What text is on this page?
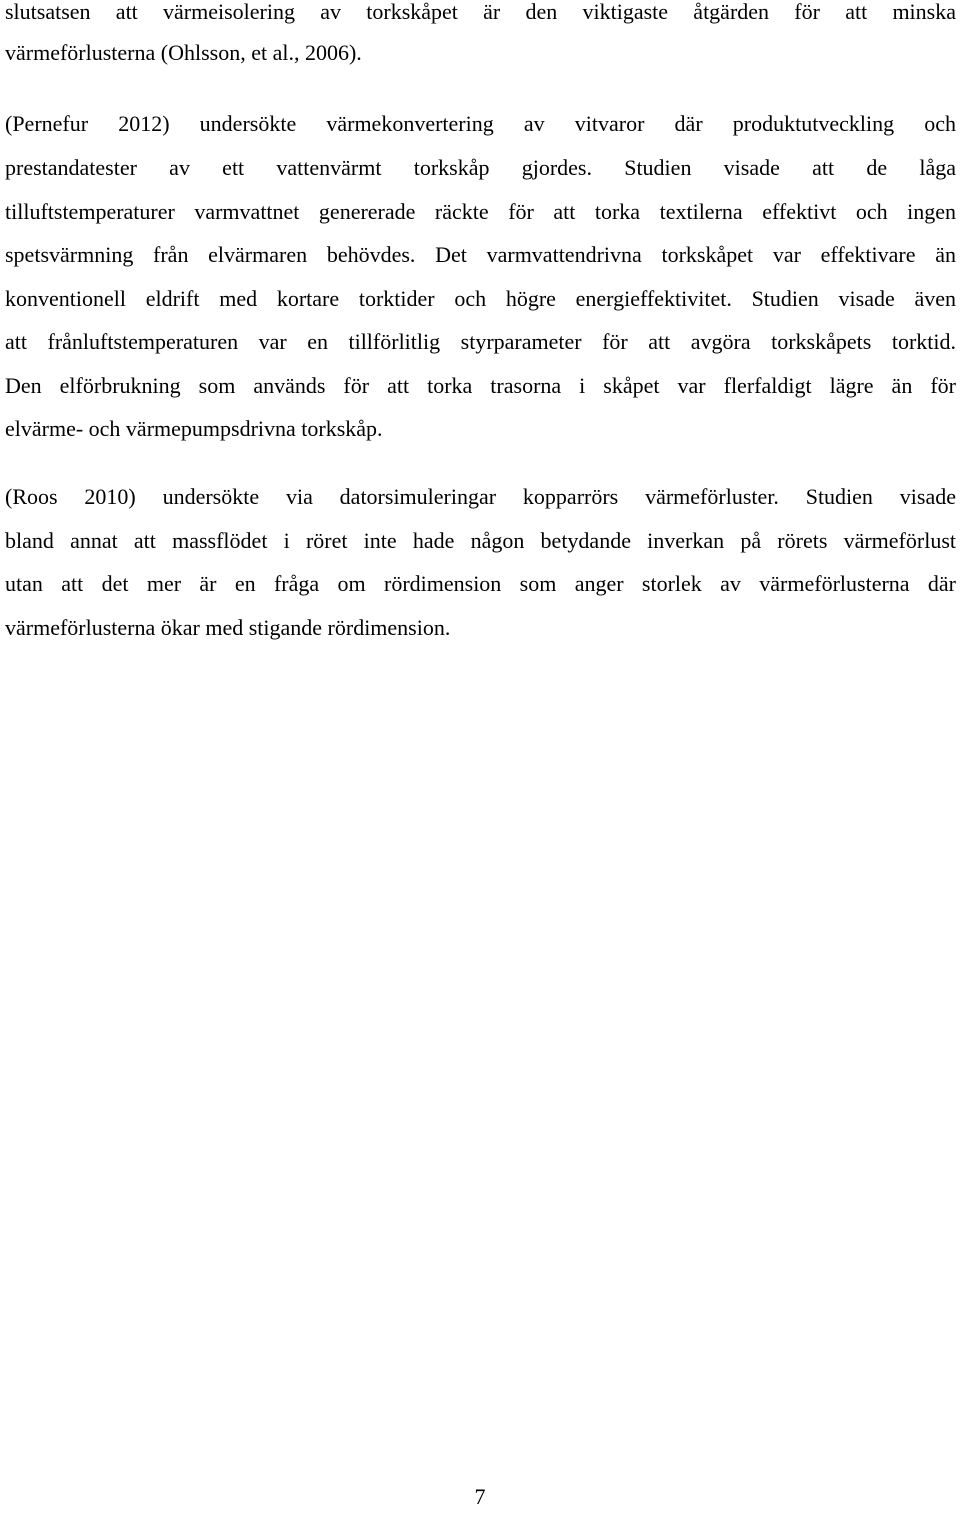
slutsatsen att värmeisolering av torkskåpet är den viktigaste åtgärden för att minska
värmeförlusterna (Ohlsson, et al., 2006).
(Pernefur 2012) undersökte värmekonvertering av vitvaror där produktutveckling och
prestandatester av ett vattenvärmt torkskåp gjordes. Studien visade att de låga
tilluftstemperaturer varmvattnet genererade räckte för att torka textilerna effektivt och ingen
spetsvärmning från elvärmaren behövdes. Det varmvattendrivna torkskåpet var effektivare än
konventionell eldrift med kortare torktider och högre energieffektivitet. Studien visade även
att frånluftstemperaturen var en tillförlitlig styrparameter för att avgöra torkskåpets torktid.
Den elförbrukning som används för att torka trasorna i skåpet var flerfaldigt lägre än för
elvärme- och värmepumpsdrivna torkskåp.
(Roos 2010) undersökte via datorsimuleringar kopparrörs värmeförluster. Studien visade
bland annat att massflödet i röret inte hade någon betydande inverkan på rörets värmeförlust
utan att det mer är en fråga om rördimension som anger storlek av värmeförlusterna där
värmeförlusterna ökar med stigande rördimension.
7
